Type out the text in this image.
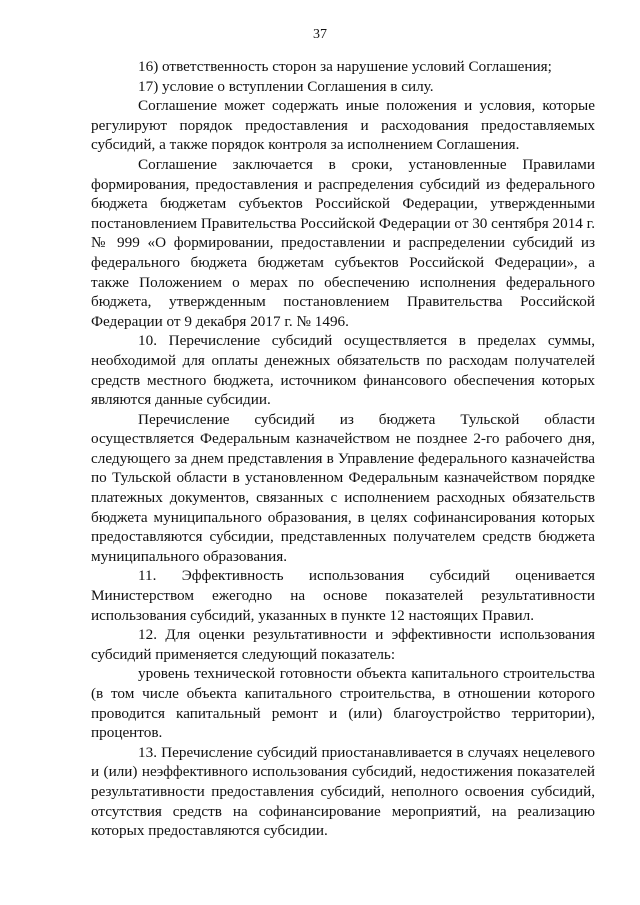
37

16) ответственность сторон за нарушение условий Соглашения;

17) условие о вступлении Соглашения в силу.

Соглашение может содержать иные положения и условия, которые регулируют порядок предоставления и расходования предоставляемых субсидий, а также порядок контроля за исполнением Соглашения.

Соглашение заключается в сроки, установленные Правилами формирования, предоставления и распределения субсидий из федерального бюджета бюджетам субъектов Российской Федерации, утвержденными постановлением Правительства Российской Федерации от 30 сентября 2014 г. № 999 «О формировании, предоставлении и распределении субсидий из федерального бюджета бюджетам субъектов Российской Федерации», а также Положением о мерах по обеспечению исполнения федерального бюджета, утвержденным постановлением Правительства Российской Федерации от 9 декабря 2017 г. № 1496.

10. Перечисление субсидий осуществляется в пределах суммы, необходимой для оплаты денежных обязательств по расходам получателей средств местного бюджета, источником финансового обеспечения которых являются данные субсидии.

Перечисление субсидий из бюджета Тульской области осуществляется Федеральным казначейством не позднее 2-го рабочего дня, следующего за днем представления в Управление федерального казначейства по Тульской области в установленном Федеральным казначейством порядке платежных документов, связанных с исполнением расходных обязательств бюджета муниципального образования, в целях софинансирования которых предоставляются субсидии, представленных получателем средств бюджета муниципального образования.

11. Эффективность использования субсидий оценивается Министерством ежегодно на основе показателей результативности использования субсидий, указанных в пункте 12 настоящих Правил.

12. Для оценки результативности и эффективности использования субсидий применяется следующий показатель:

уровень технической готовности объекта капитального строительства (в том числе объекта капитального строительства, в отношении которого проводится капитальный ремонт и (или) благоустройство территории), процентов.

13. Перечисление субсидий приостанавливается в случаях нецелевого и (или) неэффективного использования субсидий, недостижения показателей результативности предоставления субсидий, неполного освоения субсидий, отсутствия средств на софинансирование мероприятий, на реализацию которых предоставляются субсидии.
